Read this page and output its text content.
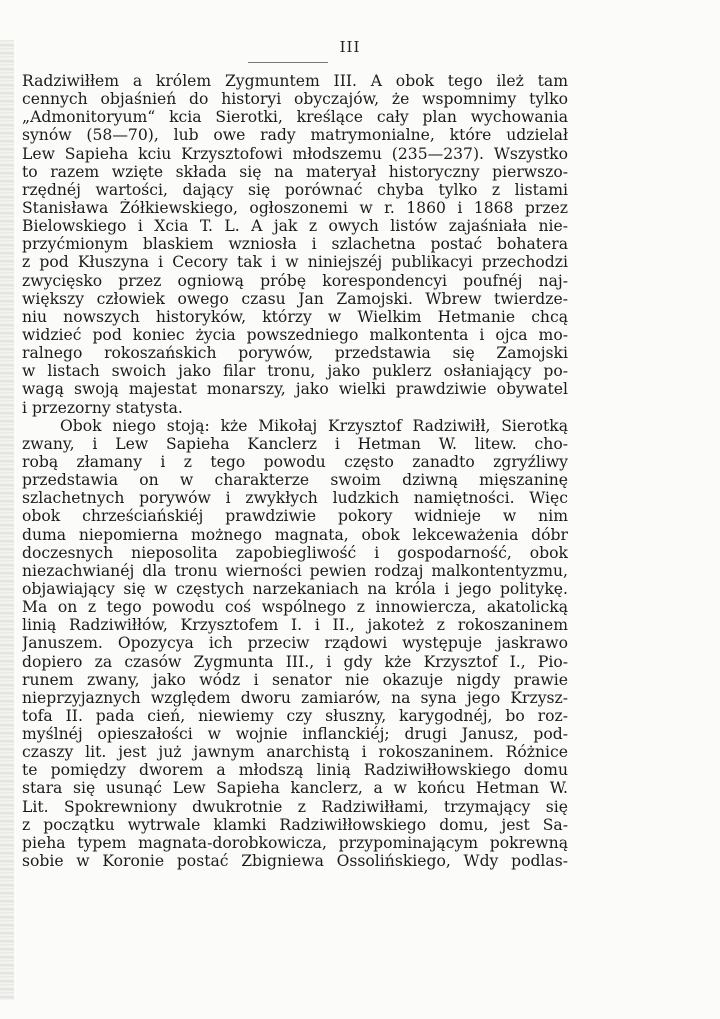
III
Radziwiłłem a królem Zygmuntem III. A obok tego ileż tam
cennych objaśnień do historyi obyczajów, że wspomnimy tylko
„Admonitoryum“ kcia Sierotki, kreślące cały plan wychowania
synów (58—70), lub owe rady matrymonialne, które udzielał
Lew Sapieha kciu Krzysztofowi młodszemu (235—237). Wszystko
to razem wzięte składa się na materyał historyczny pierwszo-
rzędnéj wartości, dający się porównać chyba tylko z listami
Stanisława Żółkiewskiego, ogłoszonemi w r. 1860 i 1868 przez
Bielowskiego i Xcia T. L. A jak z owych listów zajaśniała nie-
przyćmionym blaskiem wzniosła i szlachetna postać bohatera
z pod Kłuszyna i Cecory tak i w niniejszéj publikacyi przechodzi
zwycięsko przez ogniową próbę korespondencyi poufnéj naj-
większy człowiek owego czasu Jan Zamojski. Wbrew twierdze-
niu nowszych historyków, którzy w Wielkim Hetmanie chcą
widzieć pod koniec życia powszedniego malkontenta i ojca mo-
ralnego rokoszańskich porywów, przedstawia się Zamojski
w listach swoich jako filar tronu, jako puklerz osłaniający po-
wagą swoją majestat monarszy, jako wielki prawdziwie obywatel
i przezorny statysta.
Obok niego stoją: kże Mikołaj Krzysztof Radziwiłł, Sierotką
zwany, i Lew Sapieha Kanclerz i Hetman W. litew. cho-
robą złamany i z tego powodu często zanadto zgryźliwy
przedstawia on w charakterze swoim dziwną mięszaninę
szlachetnych porywów i zwykłych ludzkich namiętności. Więc
obok chrześciańskiéj prawdziwie pokory widnieje w nim
duma niepomierna możnego magnata, obok lekceważenia dóbr
doczesnych nieposolita zapobiegliwość i gospodarność, obok
niezachwianéj dla tronu wierności pewien rodzaj malkontentyzmu,
objawiający się w częstych narzekaniach na króla i jego politykę.
Ma on z tego powodu coś wspólnego z innowiercza, akatolicką
linią Radziwiłłów, Krzysztofem I. i II., jakoteż z rokoszaninem
Januszem. Opozycya ich przeciw rządowi występuje jaskrawo
dopiero za czasów Zygmunta III., i gdy kże Krzysztof I., Pio-
runem zwany, jako wódz i senator nie okazuje nigdy prawie
nieprzyjaznych względem dworu zamiarów, na syna jego Krzysz-
tofa II. pada cień, niewiemy czy słuszny, karygodnéj, bo roz-
myślnéj opieszałości w wojnie inflanckiéj; drugi Janusz, pod-
czaszy lit. jest już jawnym anarchistą i rokoszaninem. Różnice
te pomiędzy dworem a młodszą linią Radziwiłłowskiego domu
stara się usunąć Lew Sapieha kanclerz, a w końcu Hetman W.
Lit. Spokrewniony dwukrotnie z Radziwiłłami, trzymający się
z początku wytrwale klamki Radziwiłłowskiego domu, jest Sa-
pieha typem magnata-dorobkowicza, przypominającym pokrewną
sobie w Koronie postać Zbigniewa Ossolińskiego, Wdy podlas-
